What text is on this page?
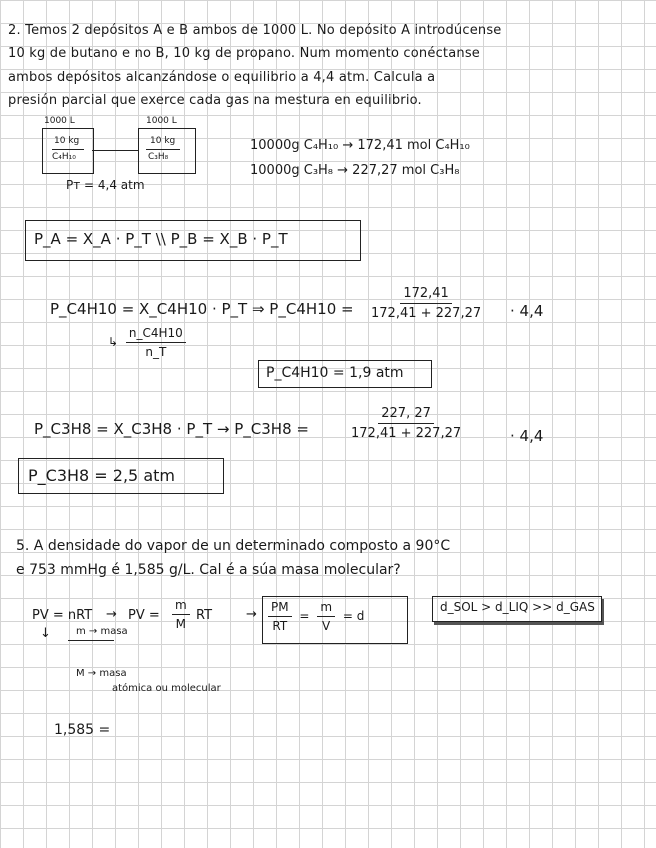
2. Temos 2 depósitos A e B ambos de 1000 L. No depósito A introdúcense
10 kg de butano e no B, 10 kg de propano. Num momento conéctanse
ambos depósitos alcanzándose o equilibrio a 4,4 atm. Calcula a
presión parcial que exerce cada gas na mestura en equilibrio.
1000 L
10 kg
C₄H₁₀
1000 L
10 kg
C₃H₈
Pᴛ = 4,4 atm
10000g C₄H₁₀ → 172,41 mol C₄H₁₀
10000g C₃H₈ → 227,27 mol C₃H₈
P_A = X_A · P_T \\ P_B = X_B · P_T
P_C4H10 = X_C4H10 · P_T ⇒ P_C4H10 = $\frac{172,41}{172,41 + 227,27} \cdot 4,4$
↳ $\frac{n\_C4H10}{n\_T}$
P_C4H10 = 1,9 atm
P_C3H8 = X_C3H8 · P_T → P_C3H8 =	$\frac{227, 27}{172,41 + 227,27}$	· 4,4
P_C3H8 = 2,5 atm
5. A densidade do vapor de un determinado composto a 90°C
e 753 mmHg é 1,585 g/L. Cal é a súa masa molecular?
PV = nRT → PV = $\frac{m}{M}$ RT	→ $\frac{PM}{RT} = \frac{m}{V} = d$
d_SOL > d_LIQ >> d_GAS
↓	m → masa
M → masa
atómica ou molecular
1,585 =
